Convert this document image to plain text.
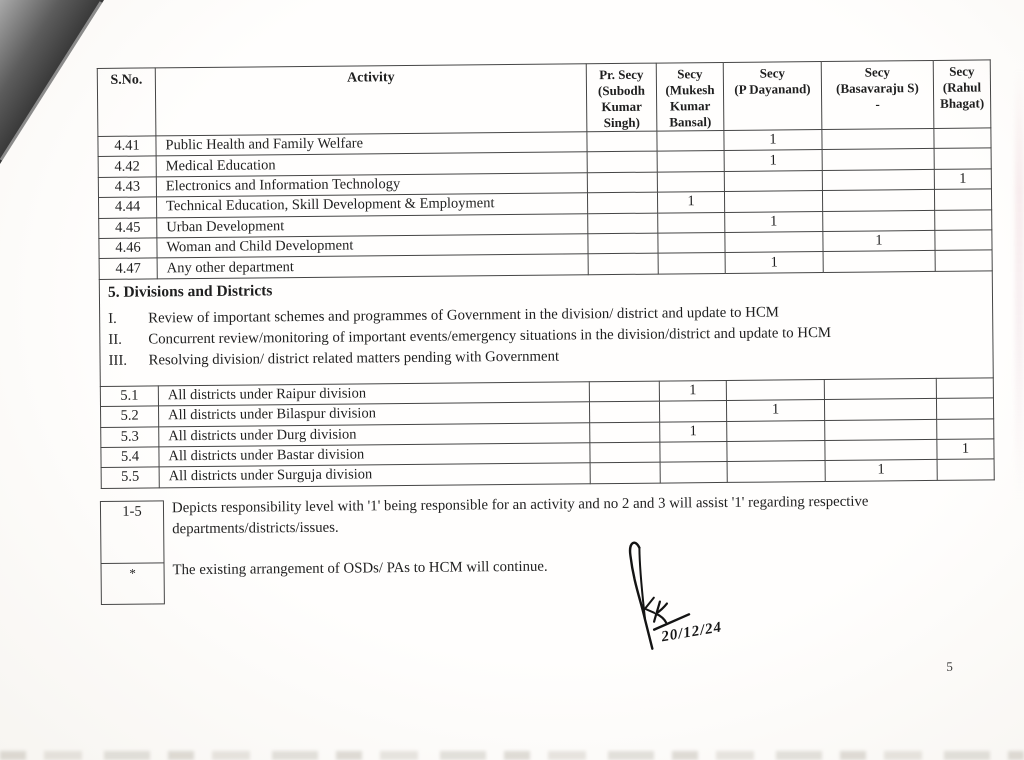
S.No.	Activity	Pr. Secy
(Subodh
Kumar
Singh)	Secy
(Mukesh
Kumar
Bansal)	Secy
(P Dayanand)	Secy
(Basavaraju S)
-	Secy
(Rahul
Bhagat)
4.41	Public Health and Family Welfare			1		
4.42	Medical Education			1		
4.43	Electronics and Information Technology					1
4.44	Technical Education, Skill Development & Employment		1			
4.45	Urban Development			1		
4.46	Woman and Child Development				1	
4.47	Any other department			1		

5. Divisions and Districts
I.	Review of important schemes and programmes of Government in the division/ district and update to HCM
II.	Concurrent review/monitoring of important events/emergency situations in the division/district and update to HCM
III.	Resolving division/ district related matters pending with Government

5.1	All districts under Raipur division		1			
5.2	All districts under Bilaspur division			1		
5.3	All districts under Durg division		1			
5.4	All districts under Bastar division					1
5.5	All districts under Surguja division				1	
1-5
*
Depicts responsibility level with '1' being responsible for an activity and no 2 and 3 will assist '1' regarding respective departments/districts/issues.
The existing arrangement of OSDs/ PAs to HCM will continue.
20/12/24
5
